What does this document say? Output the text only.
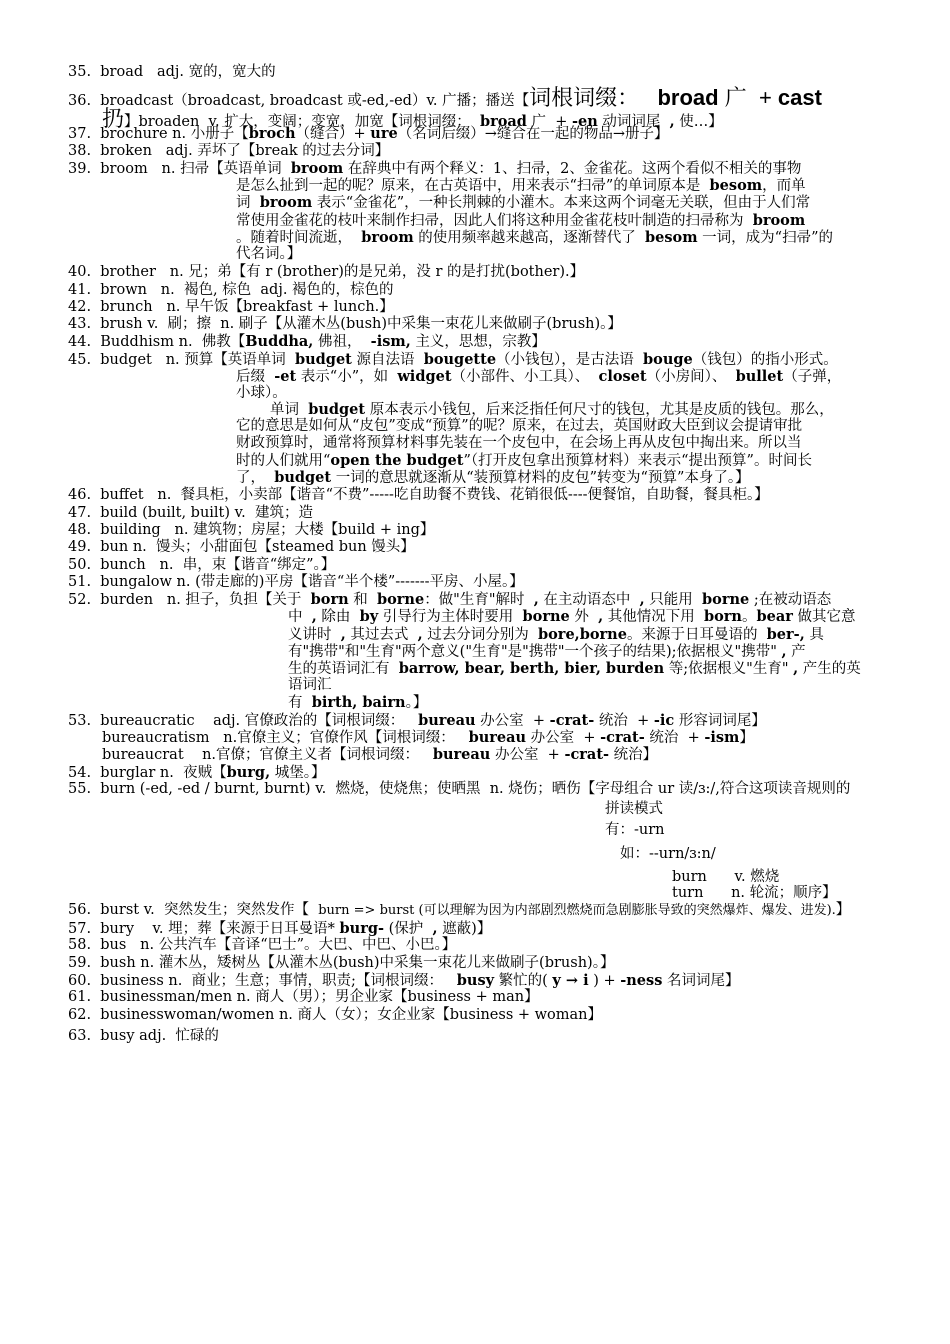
35.  broad   adj. 宽的，宽大的
36.  broadcast（broadcast, broadcast 或-ed,-ed）v. 广播；播送【词根词缀：   broad 广  + cast
扔】broaden  v. 扩大，变阔；变宽，加宽【词根词缀：  broad 广  + -en 动词词尾  , 使…】
37.  brochure n. 小册子【broch（缝合）+ ure（名词后缀）→缝合在一起的物品→册子】
38.  broken   adj. 弄坏了【break 的过去分词】
39.  broom   n. 扫帚【英语单词  broom 在辞典中有两个释义：1、扫帚，2、金雀花。这两个看似不相关的事物
是怎么扯到一起的呢？原来，在古英语中，用来表示“扫帚”的单词原本是  besom，而单
词  broom 表示“金雀花”，一种长荆棘的小灌木。本来这两个词毫无关联，但由于人们常
常使用金雀花的枝叶来制作扫帚，因此人们将这种用金雀花枝叶制造的扫帚称为  broom
。随着时间流逝，  broom 的使用频率越来越高，逐渐替代了  besom 一词，成为“扫帚”的
代名词。】
40.  brother   n. 兄；弟【有 r (brother)的是兄弟，没 r 的是打扰(bother).】
41.  brown   n.  褐色, 棕色  adj. 褐色的，棕色的
42.  brunch   n. 早午饭【breakfast + lunch.】
43.  brush v.  刷；擦  n. 刷子【从灌木丛(bush)中采集一束花儿来做刷子(brush)。】
44.  Buddhism n.  佛教【Buddha, 佛祖，  -ism, 主义，思想，宗教】
45.  budget   n. 预算【英语单词  budget 源自法语  bougette（小钱包），是古法语  bouge（钱包）的指小形式。
后缀  -et 表示“小”，如  widget（小部件、小工具）、  closet（小房间）、  bullet（子弹，
小球）。
单词  budget 原本表示小钱包，后来泛指任何尺寸的钱包，尤其是皮质的钱包。那么，
它的意思是如何从“皮包”变成“预算”的呢？原来，在过去，英国财政大臣到议会提请审批
财政预算时，通常将预算材料事先装在一个皮包中，在会场上再从皮包中掏出来。所以当
时的人们就用“open the budget”（打开皮包拿出预算材料）来表示“提出预算”。时间长
了，  budget 一词的意思就逐渐从“装预算材料的皮包”转变为“预算”本身了。】
46.  buffet   n.  餐具柜，小卖部【谐音“不费”-----吃自助餐不费钱、花销很低----便餐馆，自助餐，餐具柜。】
47.  build (built, built) v.  建筑；造
48.  building   n. 建筑物；房屋；大楼【build + ing】
49.  bun n.  馒头；小甜面包【steamed bun 馒头】
50.  bunch   n.  串，束【谐音“绑定”。】
51.  bungalow n. (带走廊的)平房【谐音“半个楼”-------平房、小屋。】
52.  burden   n. 担子，负担【关于  born 和  borne：做"生育"解时  , 在主动语态中  , 只能用  borne ;在被动语态
中  , 除由  by 引导行为主体时要用  borne 外  , 其他情况下用  born。bear 做其它意
义讲时  , 其过去式  , 过去分词分别为  bore,borne。来源于日耳曼语的  ber-, 具
有"携带"和"生育"两个意义("生育"是"携带"一个孩子的结果);依据根义"携带" , 产
生的英语词汇有  barrow, bear, berth, bier, burden 等;依据根义"生育" , 产生的英
语词汇
有  birth, bairn。】
53.  bureaucratic    adj. 官僚政治的【词根词缀：   bureau 办公室  + -crat- 统治  + -ic 形容词词尾】
bureaucratism   n.官僚主义；官僚作风【词根词缀：   bureau 办公室  + -crat- 统治  + -ism】
bureaucrat    n.官僚；官僚主义者【词根词缀：   bureau 办公室  + -crat- 统治】
54.  burglar n.  夜贼【burg, 城堡。】
55.  burn (-ed, -ed / burnt, burnt) v.  燃烧，使烧焦；使晒黑  n. 烧伤；晒伤【字母组合 ur 读/ɜ:/,符合这项读音规则的
拼读模式
有：-urn
如：--urn/ɜ:n/
burn      v. 燃烧
turn      n. 轮流；顺序】
56.  burst v.  突然发生；突然发作【  burn => burst (可以理解为因为内部剧烈燃烧而急剧膨胀导致的突然爆炸、爆发、进发).】
57.  bury    v. 埋；葬【来源于日耳曼语* burg- (保护  , 遮蔽)】
58.  bus   n. 公共汽车【音译“巴士”。大巴、中巴、小巴。】
59.  bush n. 灌木丛，矮树丛【从灌木丛(bush)中采集一束花儿来做刷子(brush)。】
60.  business n.  商业；生意；事情，职责;【词根词缀：   busy 繁忙的( y → i ) + -ness 名词词尾】
61.  businessman/men n. 商人（男）；男企业家【business + man】
62.  businesswoman/women n. 商人（女）；女企业家【business + woman】
63.  busy adj.  忙碌的
